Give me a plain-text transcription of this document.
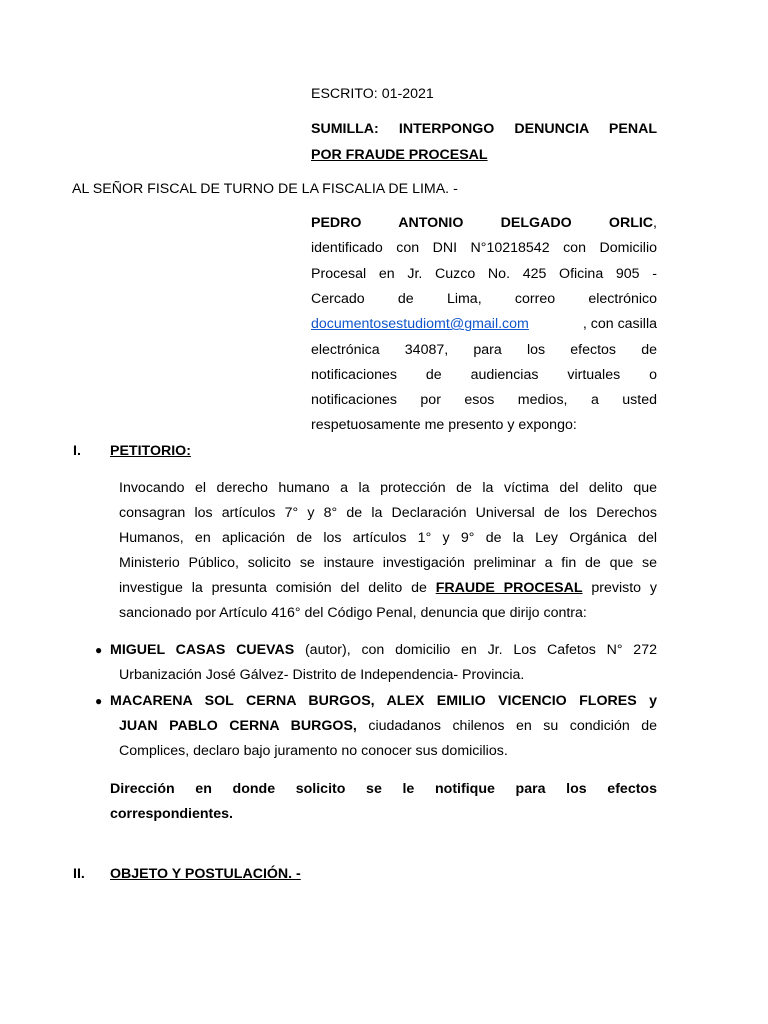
ESCRITO: 01-2021
SUMILLA: INTERPONGO DENUNCIA PENAL
POR FRAUDE PROCESAL
AL SEÑOR FISCAL DE TURNO DE LA FISCALIA DE LIMA. -
PEDRO ANTONIO DELGADO ORLIC,
identificado con DNI N°10218542 con Domicilio
Procesal en Jr. Cuzco No. 425 Oficina 905 -
Cercado de Lima, correo electrónico
documentosestudiomt@gmail.com	, con casilla
electrónica 34087, para los efectos de
notificaciones de audiencias virtuales o
notificaciones por esos medios, a usted
respetuosamente me presento y expongo:
I. PETITORIO:
Invocando el derecho humano a la protección de la víctima del delito que
consagran los artículos 7° y 8° de la Declaración Universal de los Derechos
Humanos, en aplicación de los artículos 1° y 9° de la Ley Orgánica del
Ministerio Público, solicito se instaure investigación preliminar a fin de que se
investigue la presunta comisión del delito de FRAUDE PROCESAL previsto y
sancionado por Artículo 416° del Código Penal, denuncia que dirijo contra:
● MIGUEL CASAS CUEVAS (autor), con domicilio en Jr. Los Cafetos N° 272
Urbanización José Gálvez- Distrito de Independencia- Provincia.
● MACARENA SOL CERNA BURGOS, ALEX EMILIO VICENCIO FLORES y
JUAN PABLO CERNA BURGOS, ciudadanos chilenos en su condición de
Complices, declaro bajo juramento no conocer sus domicilios.
Dirección en donde solicito se le notifique para los efectos
correspondientes.
II. OBJETO Y POSTULACIÓN. -
